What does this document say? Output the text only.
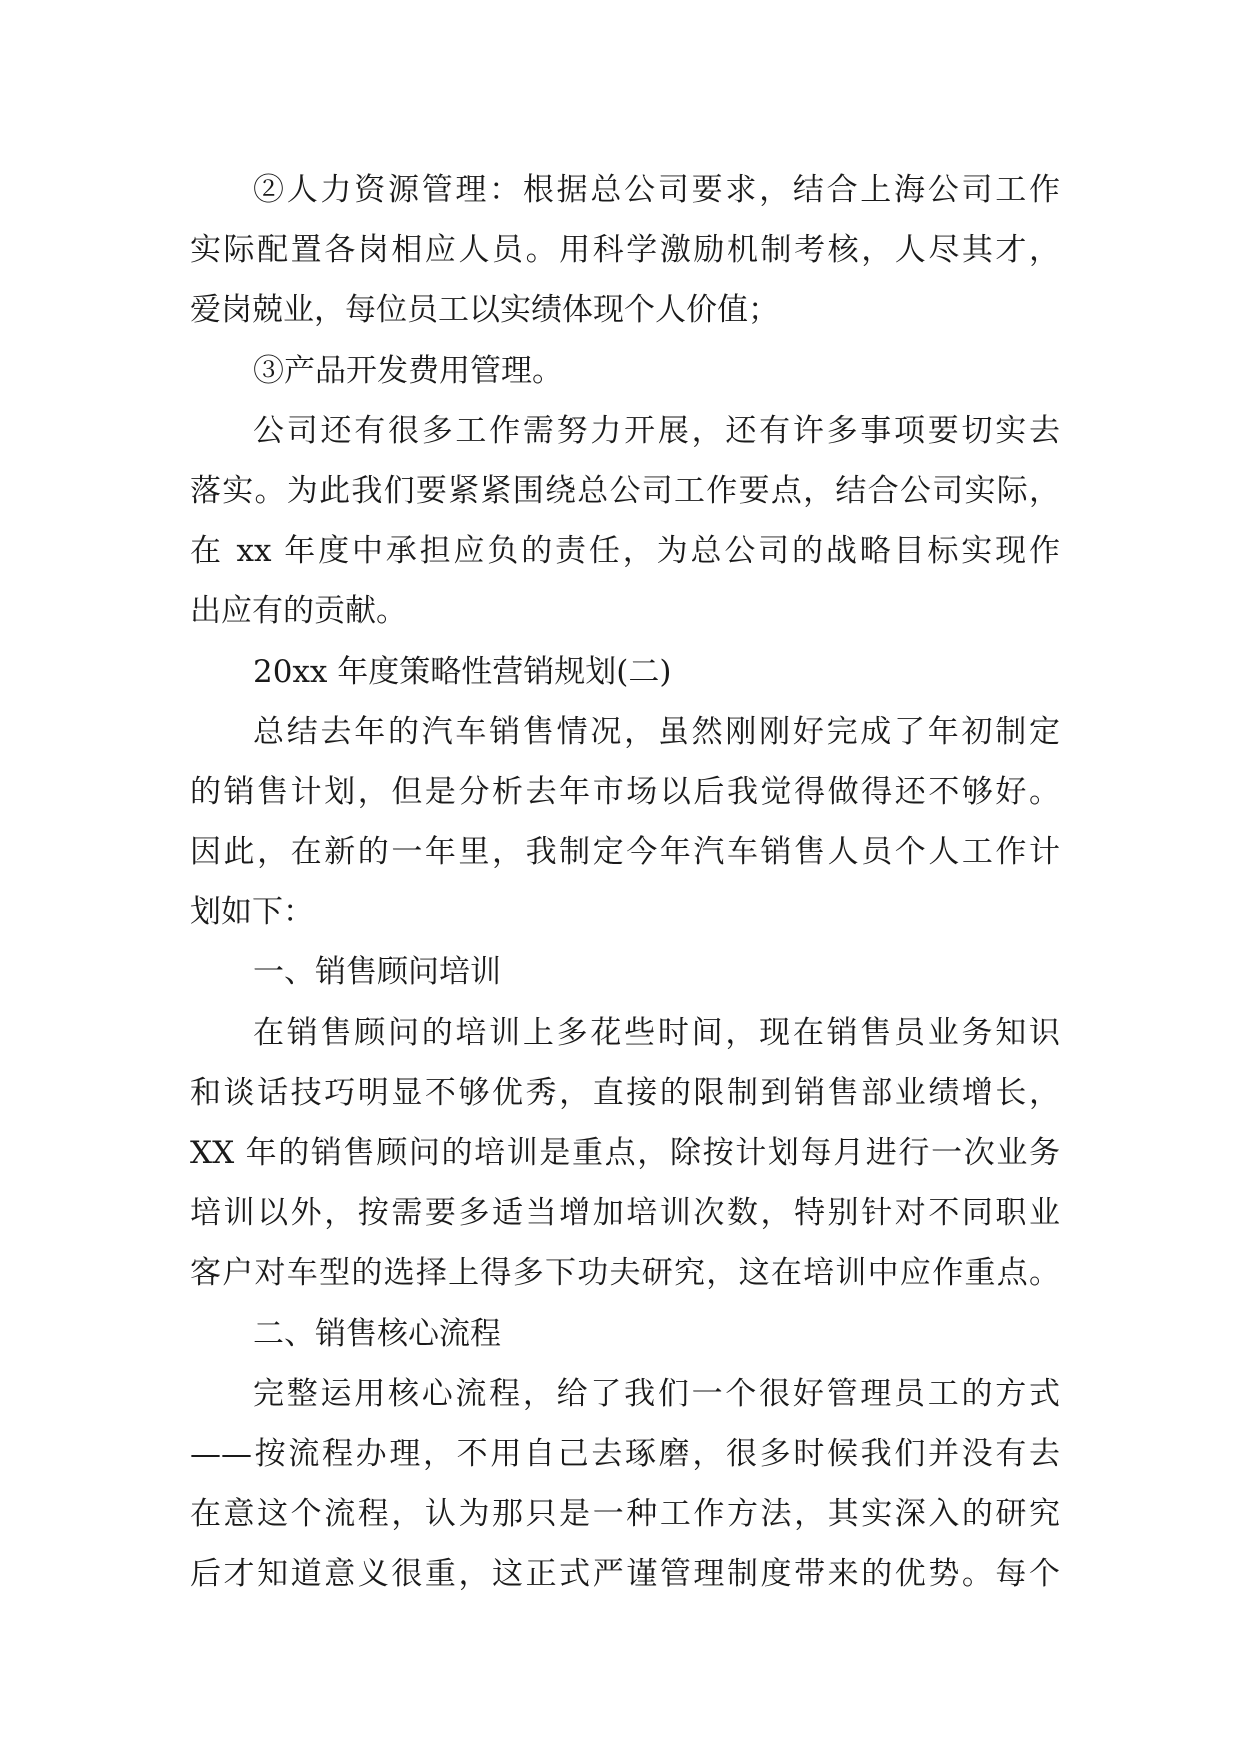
②人力资源管理：根据总公司要求，结合上海公司工作
实际配置各岗相应人员。用科学激励机制考核，人尽其才，
爱岗兢业，每位员工以实绩体现个人价值；
③产品开发费用管理。
公司还有很多工作需努力开展，还有许多事项要切实去
落实。为此我们要紧紧围绕总公司工作要点，结合公司实际，
在 xx 年度中承担应负的责任，为总公司的战略目标实现作
出应有的贡献。
20xx 年度策略性营销规划(二)
总结去年的汽车销售情况，虽然刚刚好完成了年初制定
的销售计划，但是分析去年市场以后我觉得做得还不够好。
因此，在新的一年里，我制定今年汽车销售人员个人工作计
划如下：
一、销售顾问培训
在销售顾问的培训上多花些时间，现在销售员业务知识
和谈话技巧明显不够优秀，直接的限制到销售部业绩增长，
XX 年的销售顾问的培训是重点，除按计划每月进行一次业务
培训以外，按需要多适当增加培训次数，特别针对不同职业
客户对车型的选择上得多下功夫研究，这在培训中应作重点。
二、销售核心流程
完整运用核心流程，给了我们一个很好管理员工的方式
——按流程办理，不用自己去琢磨，很多时候我们并没有去
在意这个流程，认为那只是一种工作方法，其实深入的研究
后才知道意义很重，这正式严谨管理制度带来的优势。每个
